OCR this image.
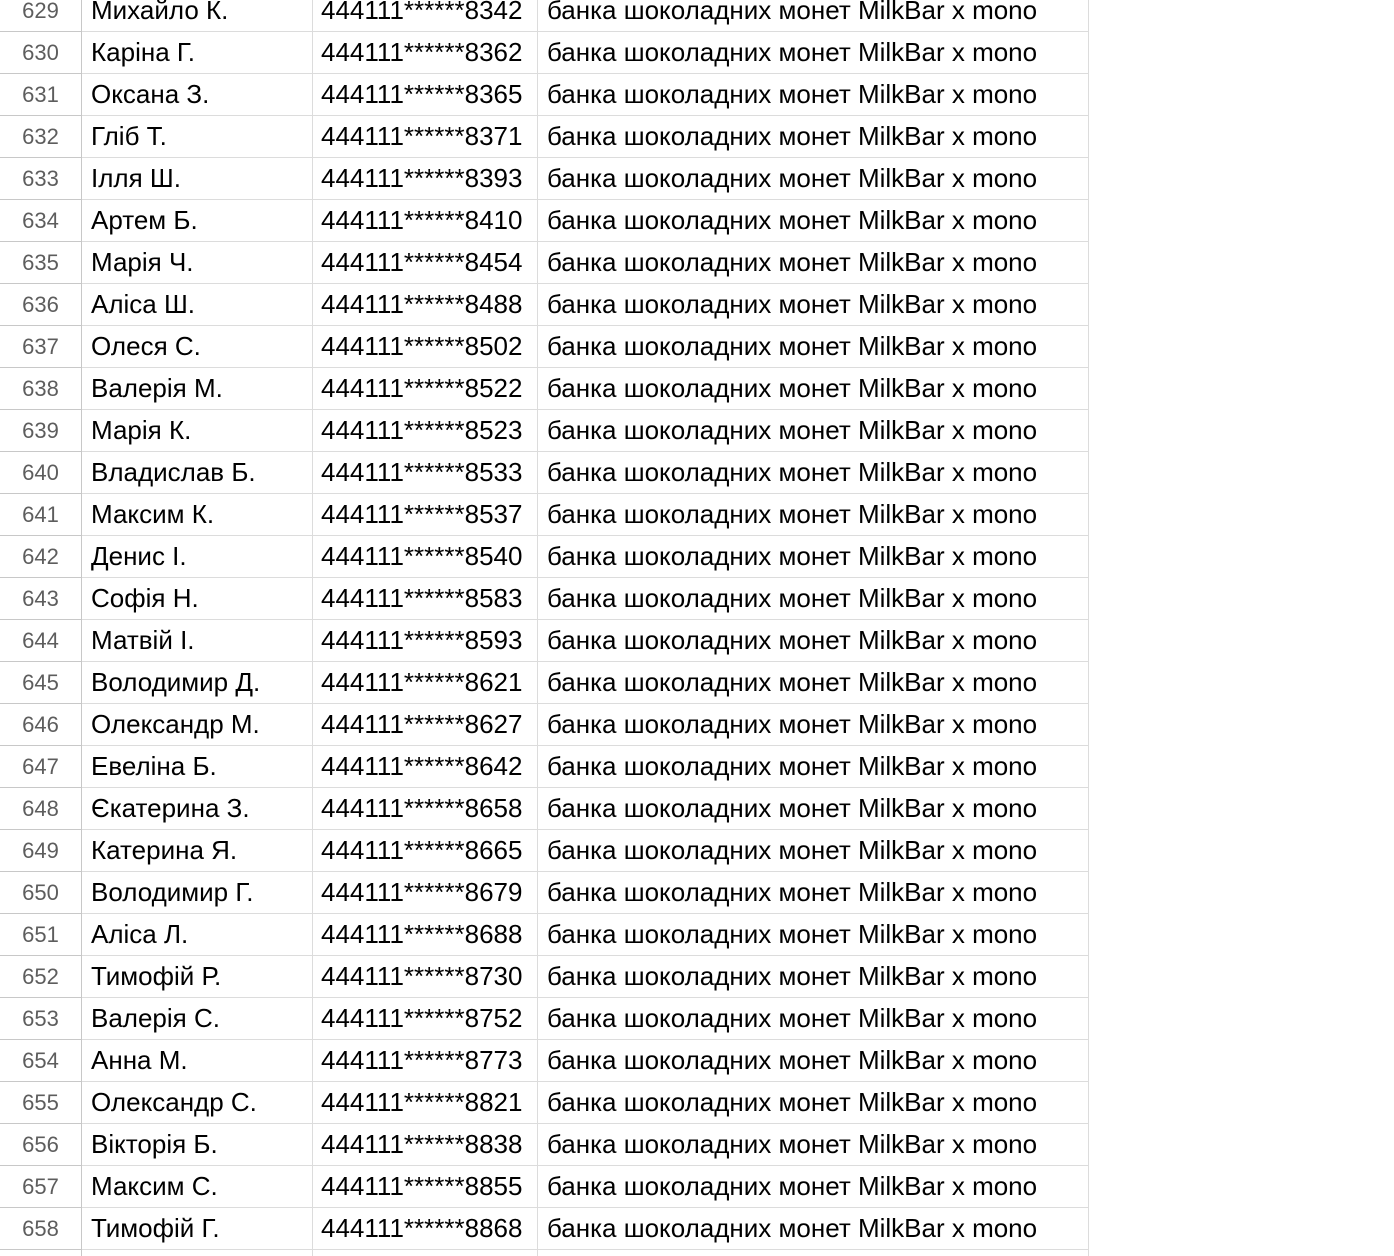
629	Михайло К.	444111******8342 банка шоколадних монет MilkBar x mono
630	Каріна Г.	444111******8362 банка шоколадних монет MilkBar x mono
631	Оксана З.	444111******8365 банка шоколадних монет MilkBar x mono
632	Гліб Т.	444111******8371 банка шоколадних монет MilkBar x mono
633	Ілля Ш.	444111******8393 банка шоколадних монет MilkBar x mono
634	Артем Б.	444111******8410 банка шоколадних монет MilkBar x mono
635	Марія Ч.	444111******8454 банка шоколадних монет MilkBar x mono
636	Аліса Ш.	444111******8488 банка шоколадних монет MilkBar x mono
637	Олеся С.	444111******8502 банка шоколадних монет MilkBar x mono
638	Валерія М.	444111******8522 банка шоколадних монет MilkBar x mono
639	Марія К.	444111******8523 банка шоколадних монет MilkBar x mono
640	Владислав Б.	444111******8533 банка шоколадних монет MilkBar x mono
641	Максим К.	444111******8537 банка шоколадних монет MilkBar x mono
642	Денис І.	444111******8540 банка шоколадних монет MilkBar x mono
643	Софія Н.	444111******8583 банка шоколадних монет MilkBar x mono
644	Матвій І.	444111******8593 банка шоколадних монет MilkBar x mono
645	Володимир Д.	444111******8621 банка шоколадних монет MilkBar x mono
646	Олександр М.	444111******8627 банка шоколадних монет MilkBar x mono
647	Евеліна Б.	444111******8642 банка шоколадних монет MilkBar x mono
648	Єкатерина З.	444111******8658 банка шоколадних монет MilkBar x mono
649	Катерина Я.	444111******8665 банка шоколадних монет MilkBar x mono
650	Володимир Г.	444111******8679 банка шоколадних монет MilkBar x mono
651	Аліса Л.	444111******8688 банка шоколадних монет MilkBar x mono
652	Тимофій Р.	444111******8730 банка шоколадних монет MilkBar x mono
653	Валерія С.	444111******8752 банка шоколадних монет MilkBar x mono
654	Анна М.	444111******8773 банка шоколадних монет MilkBar x mono
655	Олександр С.	444111******8821 банка шоколадних монет MilkBar x mono
656	Вікторія Б.	444111******8838 банка шоколадних монет MilkBar x mono
657	Максим С.	444111******8855 банка шоколадних монет MilkBar x mono
658	Тимофій Г.	444111******8868 банка шоколадних монет MilkBar x mono
